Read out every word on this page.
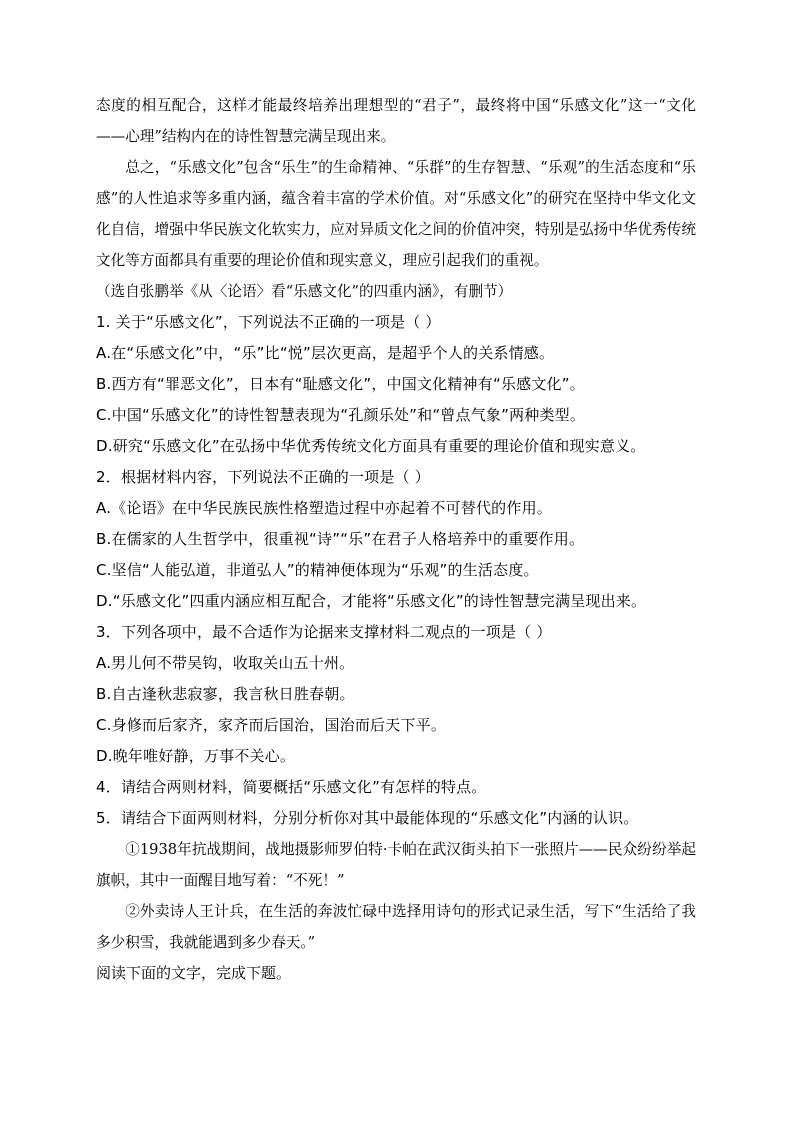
态度的相互配合，这样才能最终培养出理想型的“君子”，最终将中国“乐感文化”这一“文化——心理”结构内在的诗性智慧完满呈现出来。

总之，“乐感文化”包含“乐生”的生命精神、“乐群”的生存智慧、“乐观”的生活态度和“乐感”的人性追求等多重内涵，蕴含着丰富的学术价值。对“乐感文化”的研究在坚持中华文化文化自信，增强中华民族文化软实力，应对异质文化之间的价值冲突，特别是弘扬中华优秀传统文化等方面都具有重要的理论价值和现实意义，理应引起我们的重视。

（选自张鹏举《从〈论语〉看“乐感文化”的四重内涵》，有删节）

1. 关于“乐感文化”，下列说法不正确的一项是（ ）

A.在“乐感文化”中，“乐”比“悦”层次更高，是超乎个人的关系情感。

B.西方有“罪恶文化”，日本有“耻感文化”，中国文化精神有“乐感文化”。

C.中国“乐感文化”的诗性智慧表现为“孔颜乐处”和“曾点气象”两种类型。

D.研究“乐感文化”在弘扬中华优秀传统文化方面具有重要的理论价值和现实意义。

2．根据材料内容，下列说法不正确的一项是（ ）

A.《论语》在中华民族民族性格塑造过程中亦起着不可替代的作用。

B.在儒家的人生哲学中，很重视“诗”“乐”在君子人格培养中的重要作用。

C.坚信“人能弘道，非道弘人”的精神便体现为“乐观”的生活态度。

D.“乐感文化”四重内涵应相互配合，才能将“乐感文化”的诗性智慧完满呈现出来。

3．下列各项中，最不合适作为论据来支撑材料二观点的一项是（ ）

A.男儿何不带吴钩，收取关山五十州。

B.自古逢秋悲寂寥，我言秋日胜春朝。

C.身修而后家齐，家齐而后国治，国治而后天下平。

D.晚年唯好静，万事不关心。

4．请结合两则材料，简要概括“乐感文化”有怎样的特点。

5．请结合下面两则材料，分别分析你对其中最能体现的“乐感文化”内涵的认识。

①1938年抗战期间，战地摄影师罗伯特·卡帕在武汉街头拍下一张照片——民众纷纷举起旗帜，其中一面醒目地写着：“不死！”

②外卖诗人王计兵，在生活的奔波忙碌中选择用诗句的形式记录生活，写下“生活给了我多少积雪，我就能遇到多少春天。”

阅读下面的文字，完成下题。
